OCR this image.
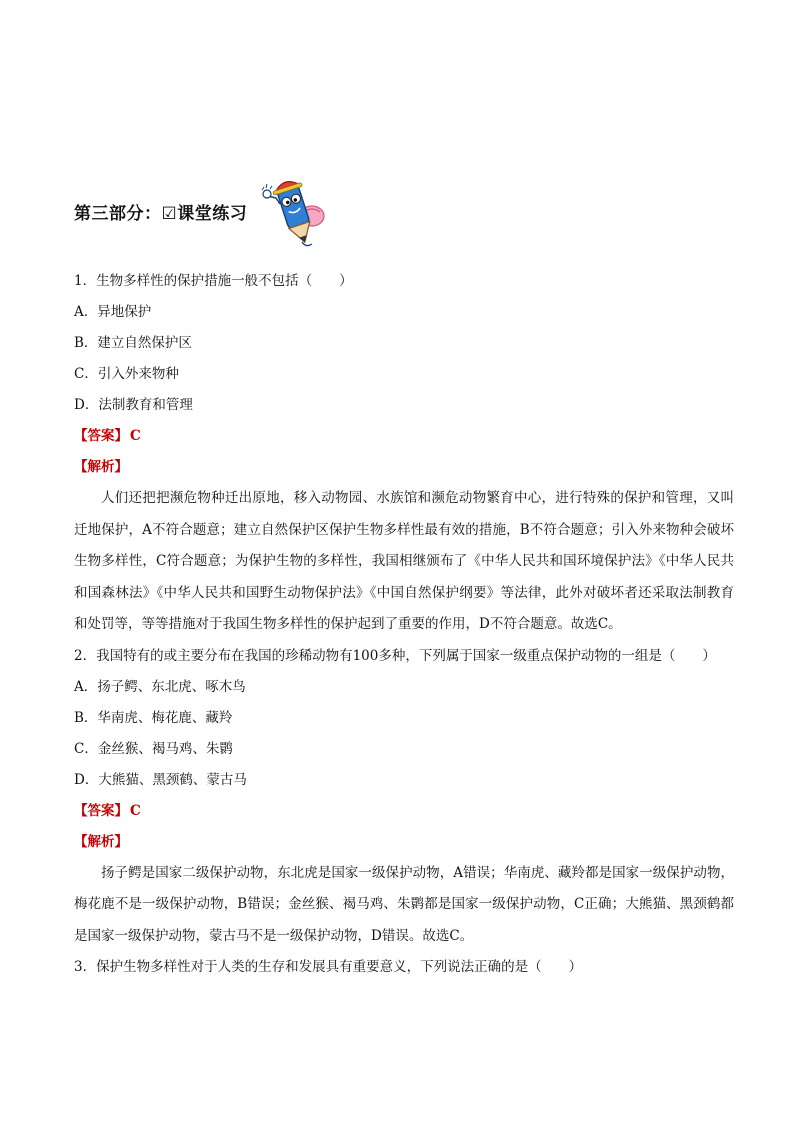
第三部分：☑课堂练习
1．生物多样性的保护措施一般不包括（　　）
A．异地保护
B．建立自然保护区
C．引入外来物种
D．法制教育和管理
【答案】 C
【解析】

人们还把把濒危物种迁出原地，移入动物园、水族馆和濒危动物繁育中心，进行特殊的保护和管理，又叫迁地保护，A不符合题意；建立自然保护区保护生物多样性最有效的措施，B不符合题意；引入外来物种会破坏生物多样性，C符合题意；为保护生物的多样性，我国相继颁布了《中华人民共和国环境保护法》《中华人民共和国森林法》《中华人民共和国野生动物保护法》《中国自然保护纲要》等法律，此外对破坏者还采取法制教育和处罚等，等等措施对于我国生物多样性的保护起到了重要的作用，D不符合题意。故选C。

2．我国特有的或主要分布在我国的珍稀动物有100多种，下列属于国家一级重点保护动物的一组是（　　）
A．扬子鳄、东北虎、啄木鸟
B．华南虎、梅花鹿、藏羚
C．金丝猴、褐马鸡、朱鹮
D．大熊猫、黑颈鹤、蒙古马
【答案】 C
【解析】

扬子鳄是国家二级保护动物，东北虎是国家一级保护动物，A错误；华南虎、藏羚都是国家一级保护动物，梅花鹿不是一级保护动物，B错误；金丝猴、褐马鸡、朱鹮都是国家一级保护动物，C正确；大熊猫、黑颈鹤都是国家一级保护动物，蒙古马不是一级保护动物，D错误。故选C。

3．保护生物多样性对于人类的生存和发展具有重要意义，下列说法正确的是（　　）
